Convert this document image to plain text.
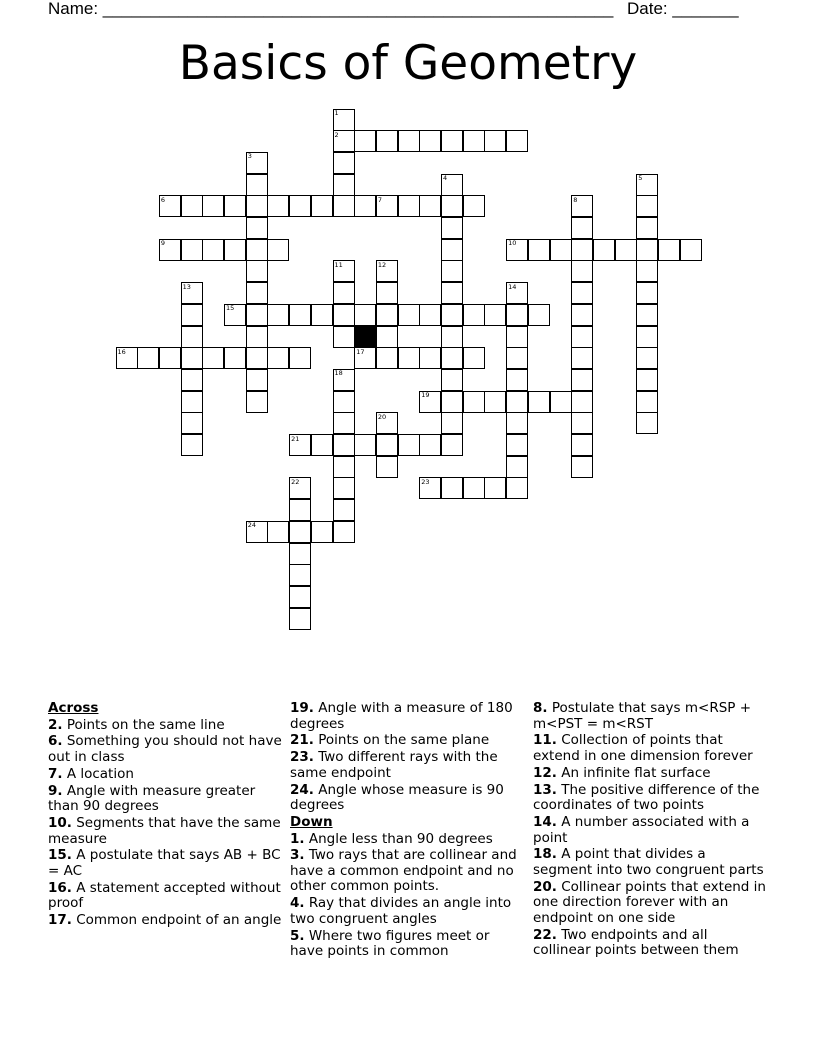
Name: ______________________________________________________ Date: _______
Basics of Geometry
1
2
3
4	5
6	7	8
9	10
11	12
13	14
15
16	17
18
19
20
21
22	23
24
Across
2. Points on the same line
6. Something you should not have out in class
7. A location
9. Angle with measure greater than 90 degrees
10. Segments that have the same measure
15. A postulate that says AB + BC = AC
16. A statement accepted without proof
17. Common endpoint of an angle
19. Angle with a measure of 180 degrees
21. Points on the same plane
23. Two different rays with the same endpoint
24. Angle whose measure is 90 degrees
Down
1. Angle less than 90 degrees
3. Two rays that are collinear and have a common endpoint and no other common points.
4. Ray that divides an angle into two congruent angles
5. Where two figures meet or have points in common
8. Postulate that says m<RSP + m<PST = m<RST
11. Collection of points that extend in one dimension forever
12. An infinite flat surface
13. The positive difference of the coordinates of two points
14. A number associated with a point
18. A point that divides a segment into two congruent parts
20. Collinear points that extend in one direction forever with an endpoint on one side
22. Two endpoints and all collinear points between them
